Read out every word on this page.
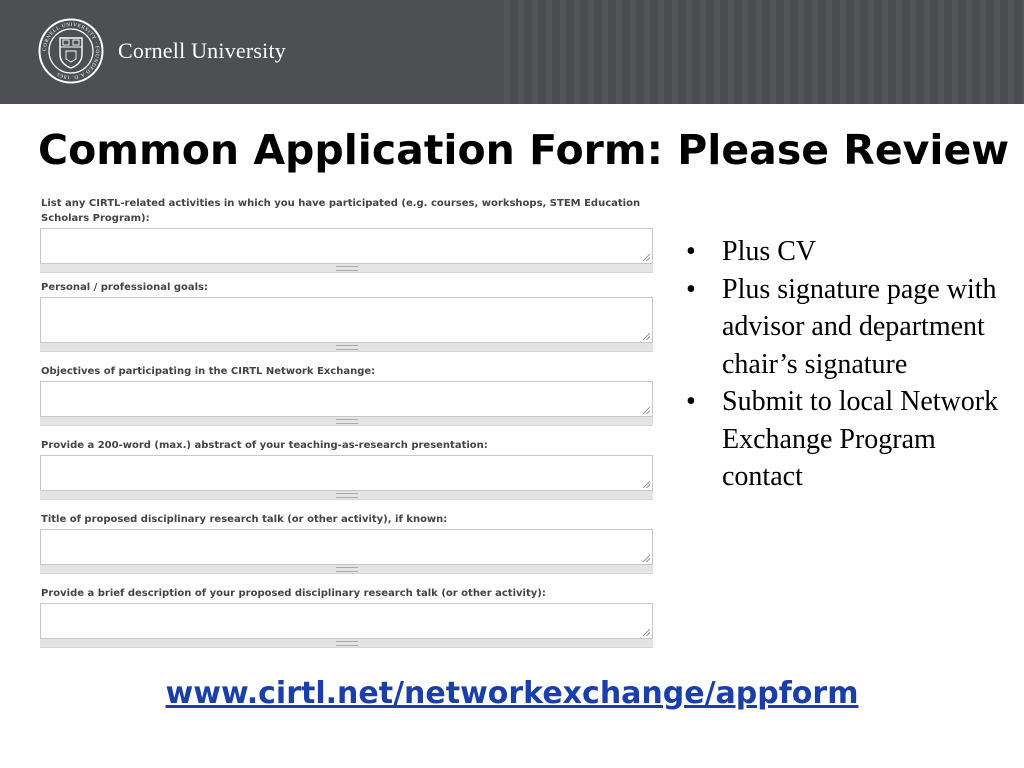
CORNELL UNIVERSITY · FOUNDED A.D. 1865
Cornell University
Common Application Form: Please Review
List any CIRTL-related activities in which you have participated (e.g. courses, workshops, STEM Education Scholars Program):
Personal / professional goals:
Objectives of participating in the CIRTL Network Exchange:
Provide a 200-word (max.) abstract of your teaching-as-research presentation:
Title of proposed disciplinary research talk (or other activity), if known:
Provide a brief description of your proposed disciplinary research talk (or other activity):
• Plus CV
• Plus signature page with advisor and department chair’s signature
• Submit to local Network Exchange Program contact
www.cirtl.net/networkexchange/appform
